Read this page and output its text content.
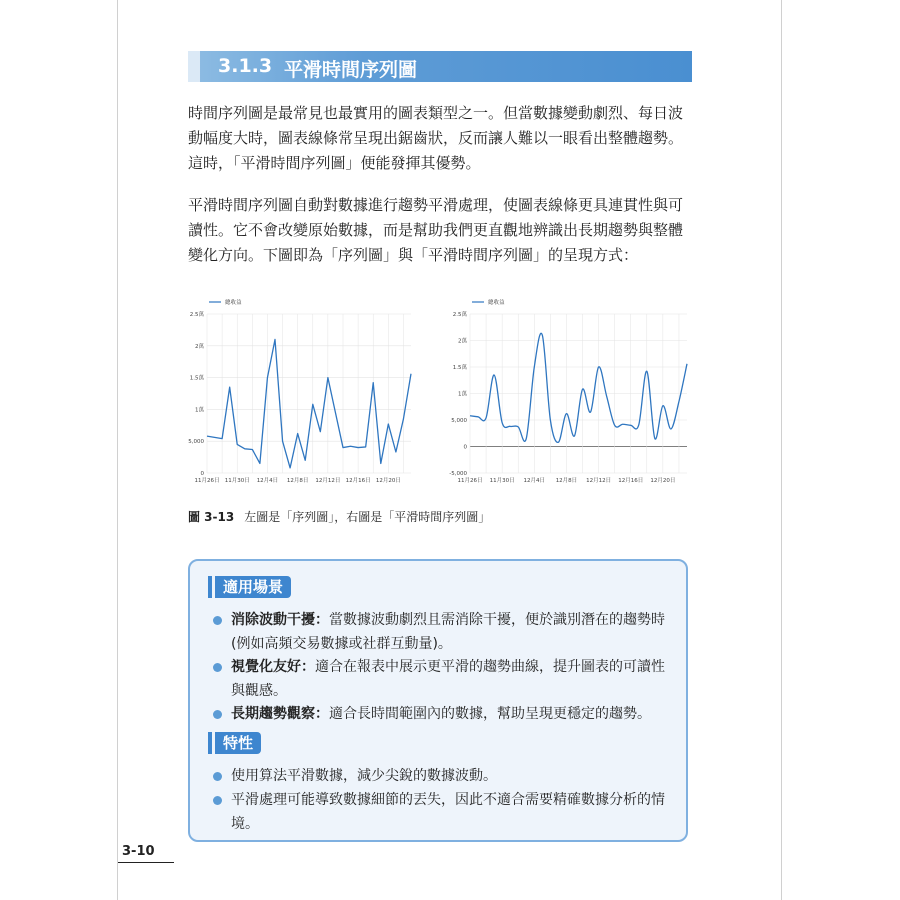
3.1.3 平滑時間序列圖
時間序列圖是最常見也最實用的圖表類型之一。但當數據變動劇烈、每日波
動幅度大時，圖表線條常呈現出鋸齒狀，反而讓人難以一眼看出整體趨勢。
這時，「平滑時間序列圖」便能發揮其優勢。
平滑時間序列圖自動對數據進行趨勢平滑處理，使圖表線條更具連貫性與可
讀性。它不會改變原始數據，而是幫助我們更直觀地辨識出長期趨勢與整體
變化方向。下圖即為「序列圖」與「平滑時間序列圖」的呈現方式：
總收益
0
5,000
1萬
1.5萬
2萬
2.5萬
11月26日 11月30日 12月4日 12月8日 12月12日 12月16日 12月20日
總收益
-5,000
0
5,000
1萬
1.5萬
2萬
2.5萬
11月26日 11月30日 12月4日 12月8日 12月12日 12月16日 12月20日
圖 3-13 左圖是「序列圖」，右圖是「平滑時間序列圖」
適用場景
消除波動干擾：當數據波動劇烈且需消除干擾，便於識別潛在的趨勢時
(例如高頻交易數據或社群互動量)。
視覺化友好：適合在報表中展示更平滑的趨勢曲線，提升圖表的可讀性
與觀感。
長期趨勢觀察：適合長時間範圍內的數據，幫助呈現更穩定的趨勢。
特性
使用算法平滑數據，減少尖銳的數據波動。
平滑處理可能導致數據細節的丟失，因此不適合需要精確數據分析的情
境。
3-10
